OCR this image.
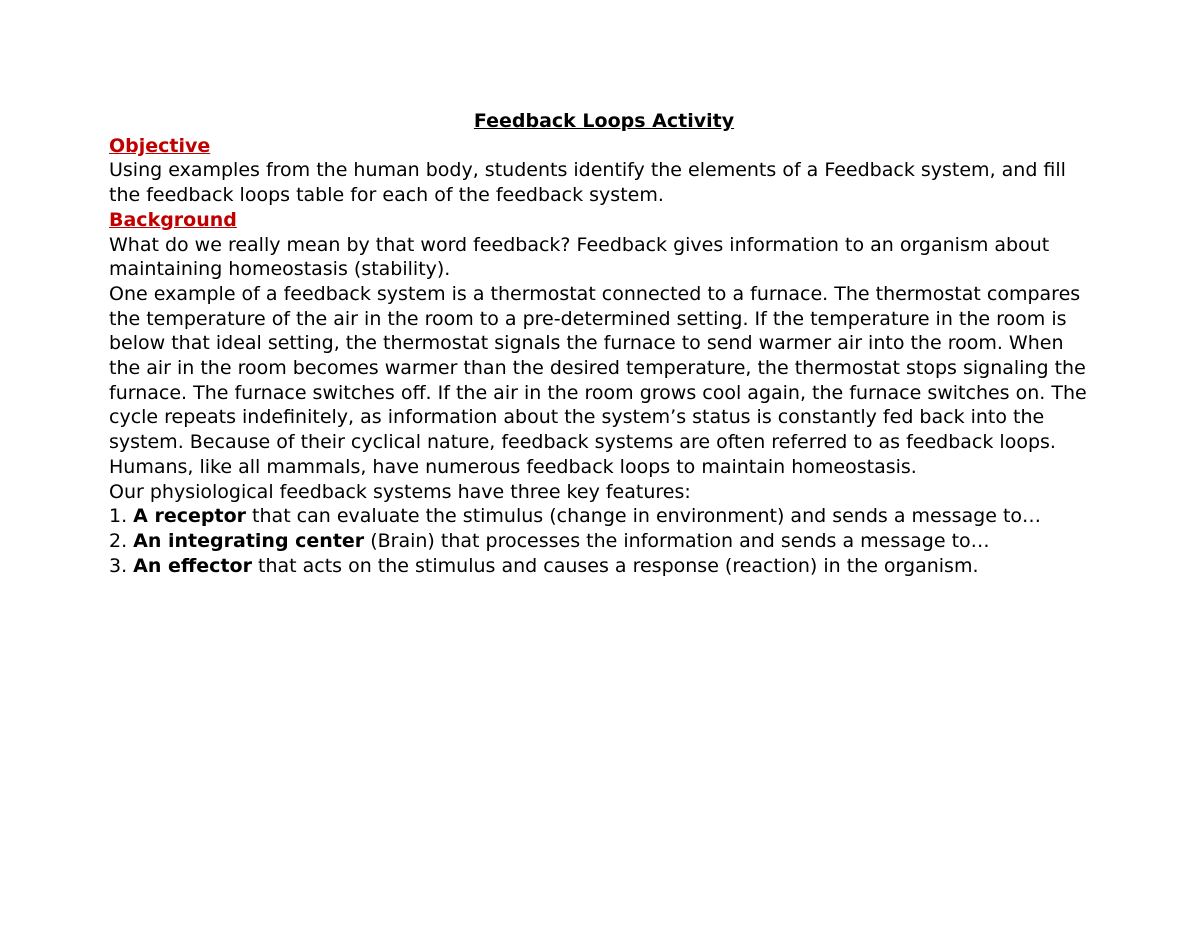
Feedback Loops Activity

Objective

Using examples from the human body, students identify the elements of a Feedback system, and fill the feedback loops table for each of the feedback system.

Background

What do we really mean by that word feedback? Feedback gives information to an organism about maintaining homeostasis (stability).

One example of a feedback system is a thermostat connected to a furnace. The thermostat compares the temperature of the air in the room to a pre-determined setting. If the temperature in the room is below that ideal setting, the thermostat signals the furnace to send warmer air into the room. When the air in the room becomes warmer than the desired temperature, the thermostat stops signaling the furnace. The furnace switches off. If the air in the room grows cool again, the furnace switches on. The cycle repeats indefinitely, as information about the system’s status is constantly fed back into the system. Because of their cyclical nature, feedback systems are often referred to as feedback loops. Humans, like all mammals, have numerous feedback loops to maintain homeostasis.

Our physiological feedback systems have three key features:

1. A receptor that can evaluate the stimulus (change in environment) and sends a message to…

2. An integrating center (Brain) that processes the information and sends a message to…

3. An effector that acts on the stimulus and causes a response (reaction) in the organism.
